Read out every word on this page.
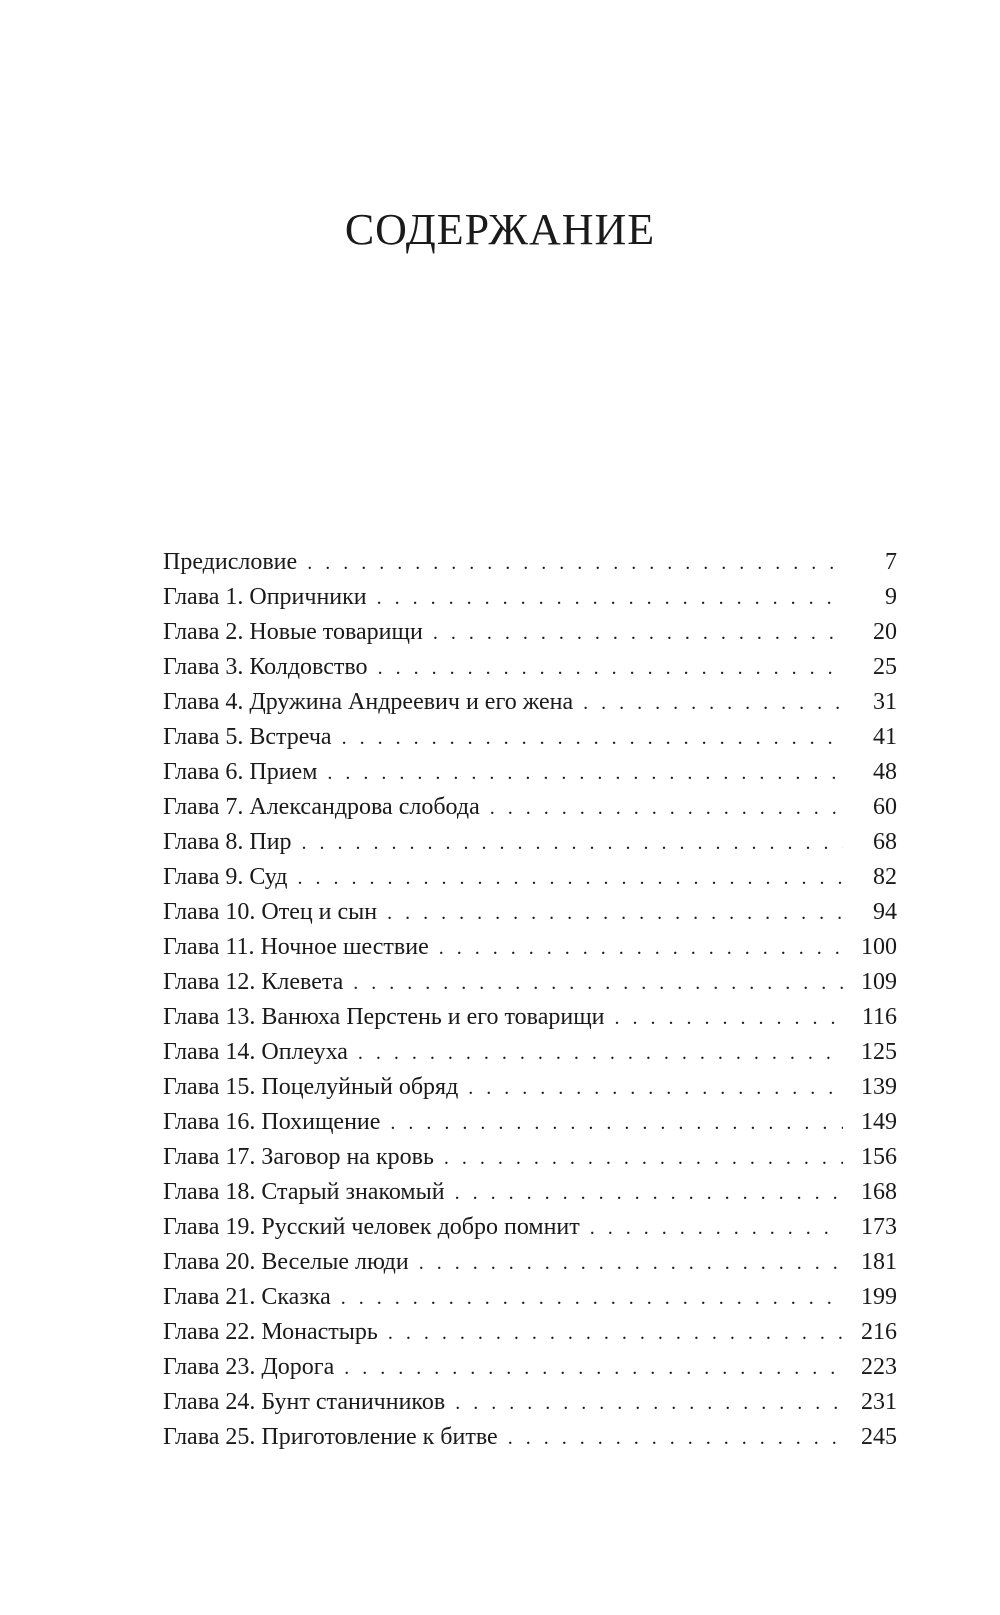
СОДЕРЖАНИЕ
Предисловие . . .	7
Глава 1. Опричники . . .	9
Глава 2. Новые товарищи . . .	20
Глава 3. Колдовство . . .	25
Глава 4. Дружина Андреевич и его жена . . .	31
Глава 5. Встреча . . .	41
Глава 6. Прием . . .	48
Глава 7. Александрова слобода . . .	60
Глава 8. Пир . . .	68
Глава 9. Суд . . .	82
Глава 10. Отец и сын . . .	94
Глава 11. Ночное шествие . . .	100
Глава 12. Клевета . . .	109
Глава 13. Ванюха Перстень и его товарищи . . .	116
Глава 14. Оплеуха . . .	125
Глава 15. Поцелуйный обряд . . .	139
Глава 16. Похищение . . .	149
Глава 17. Заговор на кровь . . .	156
Глава 18. Старый знакомый . . .	168
Глава 19. Русский человек добро помнит . . .	173
Глава 20. Веселые люди . . .	181
Глава 21. Сказка . . .	199
Глава 22. Монастырь . . .	216
Глава 23. Дорога . . .	223
Глава 24. Бунт станичников . . .	231
Глава 25. Приготовление к битве . . .	245
